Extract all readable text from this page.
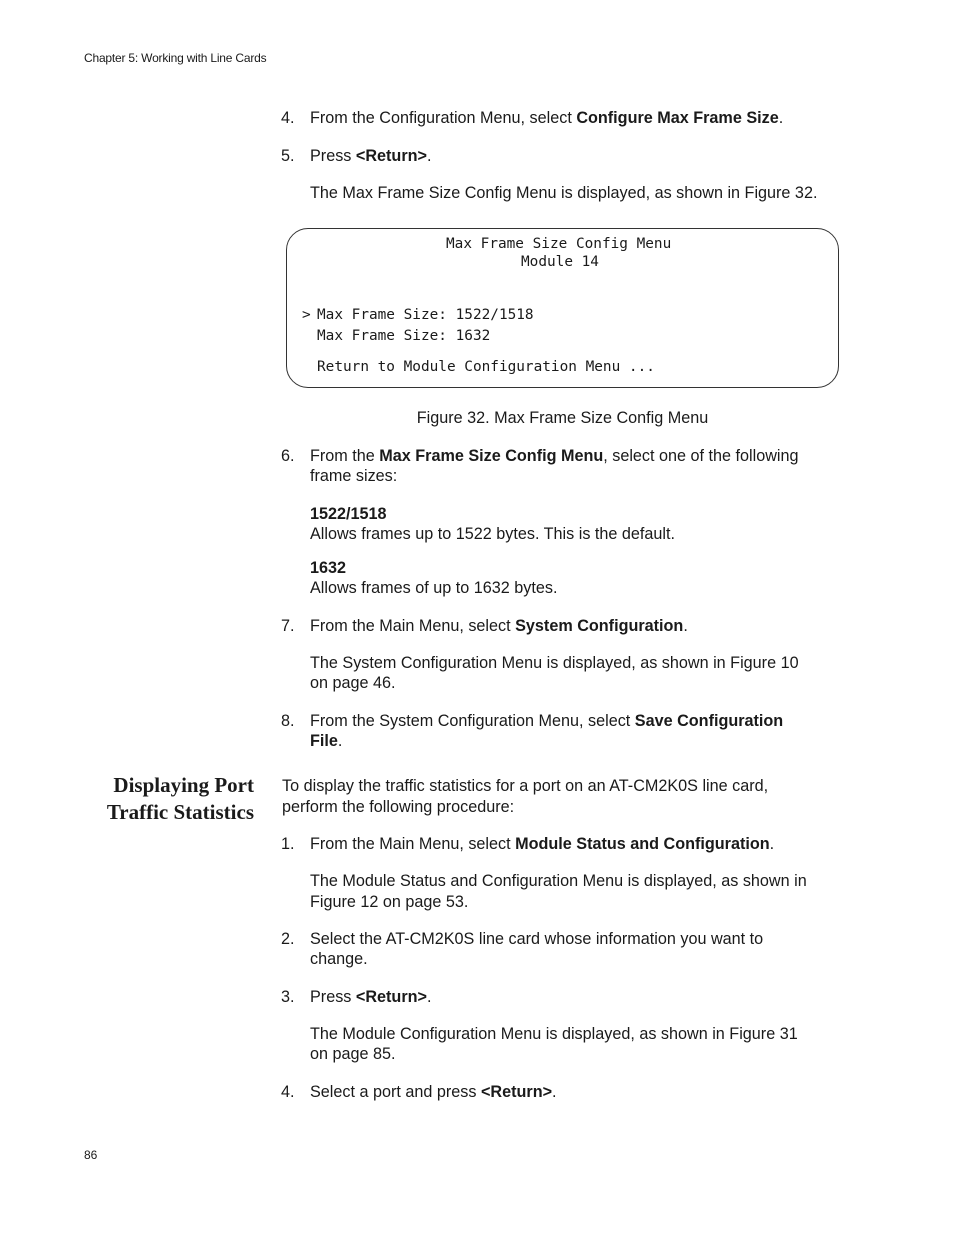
Chapter 5: Working with Line Cards
4. From the Configuration Menu, select Configure Max Frame Size.
5. Press <Return>.
The Max Frame Size Config Menu is displayed, as shown in Figure 32.
Max Frame Size Config Menu
Module 14
> Max Frame Size: 1522/1518
Max Frame Size: 1632
Return to Module Configuration Menu ...
Figure 32. Max Frame Size Config Menu
6. From the Max Frame Size Config Menu, select one of the following
frame sizes:
1522/1518
Allows frames up to 1522 bytes. This is the default.
1632
Allows frames of up to 1632 bytes.
7. From the Main Menu, select System Configuration.
The System Configuration Menu is displayed, as shown in Figure 10
on page 46.
8. From the System Configuration Menu, select Save Configuration
File.
Displaying Port
Traffic Statistics
To display the traffic statistics for a port on an AT-CM2K0S line card,
perform the following procedure:
1. From the Main Menu, select Module Status and Configuration.
The Module Status and Configuration Menu is displayed, as shown in
Figure 12 on page 53.
2. Select the AT-CM2K0S line card whose information you want to
change.
3. Press <Return>.
The Module Configuration Menu is displayed, as shown in Figure 31
on page 85.
4. Select a port and press <Return>.
86
